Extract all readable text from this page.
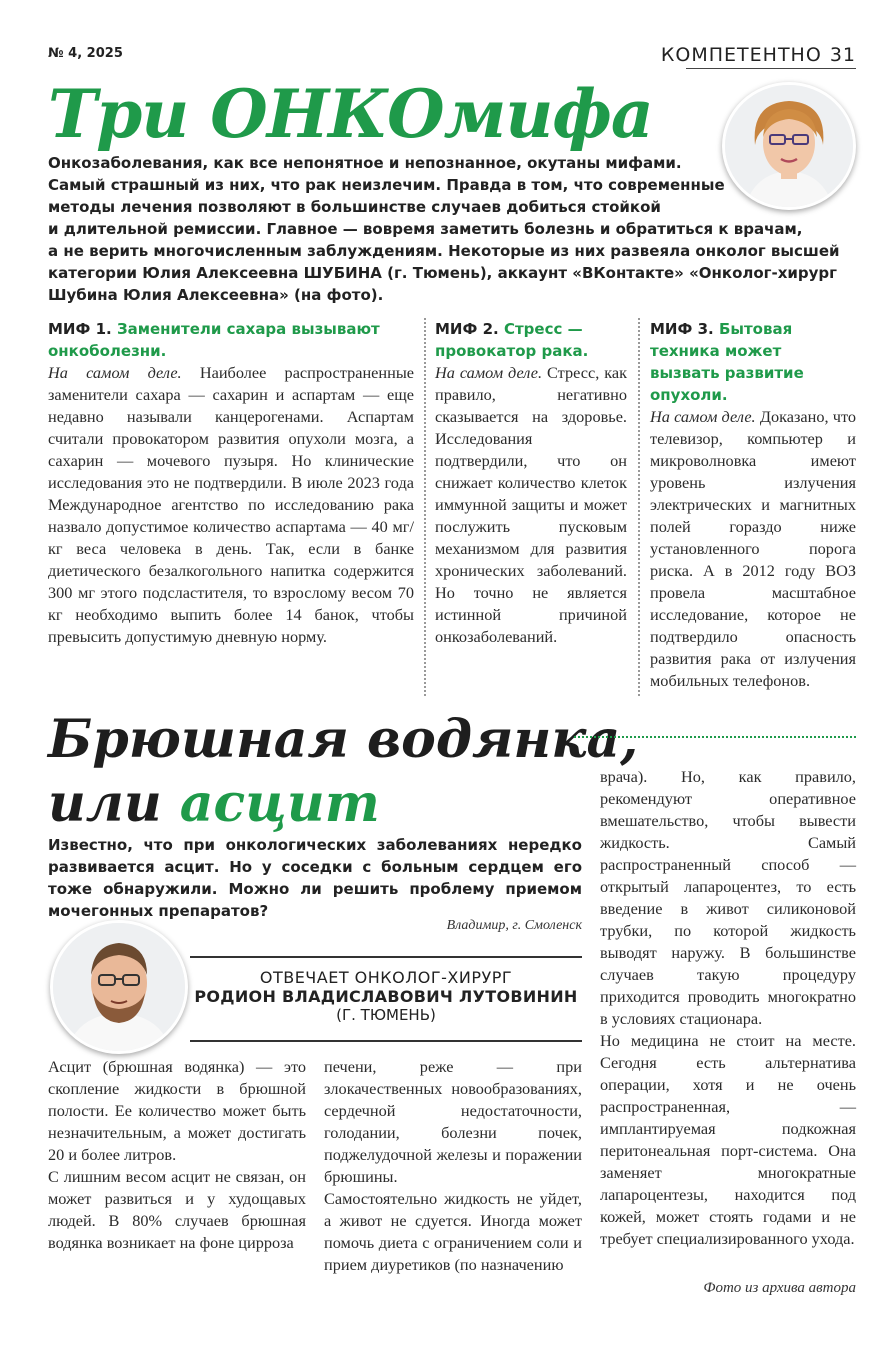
№ 4, 2025	КОМПЕТЕНТНО 31
Три ОНКОмифа
Онкозаболевания, как все непонятное и непознанное, окутаны мифами.
Самый страшный из них, что рак неизлечим. Правда в том, что современные
методы лечения позволяют в большинстве случаев добиться стойкой
и длительной ремиссии. Главное — вовремя заметить болезнь и обратиться к врачам,
а не верить многочисленным заблуждениям. Некоторые из них развеяла онколог высшей
категории Юлия Алексеевна ШУБИНА (г. Тюмень), аккаунт «ВКонтакте» «Онколог-хирург
Шубина Юлия Алексеевна» (на фото).
МИФ 1. Заменители сахара вызывают онкоболезни.

На самом деле. Наиболее распространенные заменители сахара — сахарин и аспартам — еще недавно называли канцерогенами. Аспартам считали провокатором развития опухоли мозга, а сахарин — мочевого пузыря. Но клинические исследования это не подтвердили. В июле 2023 года Международное агентство по исследованию рака назвало допустимое количество аспартама — 40 мг/кг веса человека в день. Так, если в банке диетического безалкогольного напитка содержится 300 мг этого подсластителя, то взрослому весом 70 кг необходимо выпить более 14 банок, чтобы превысить допустимую дневную норму.

МИФ 2. Стресс — провокатор рака.

На самом деле. Стресс, как правило, негативно сказывается на здоровье. Исследования подтвердили, что он снижает количество клеток иммунной защиты и может послужить пусковым механизмом для развития хронических заболеваний. Но точно не является истинной причиной онкозаболеваний.

МИФ 3. Бытовая техника может вызвать развитие опухоли.

На самом деле. Доказано, что телевизор, компьютер и микроволновка имеют уровень излучения электрических и магнитных полей гораздо ниже установленного порога риска. А в 2012 году ВОЗ провела масштабное исследование, которое не подтвердило опасность развития рака от излучения мобильных телефонов.

Брюшная водянка,
или асцит
Известно, что при онкологических заболеваниях нередко развивается асцит. Но у соседки с больным сердцем его тоже обнаружили. Можно ли решить проблему приемом мочегонных препаратов?
Владимир, г. Смоленск
ОТВЕЧАЕТ ОНКОЛОГ-ХИРУРГ
РОДИОН ВЛАДИСЛАВОВИЧ ЛУТОВИНИН
(Г. ТЮМЕНЬ)

Асцит (брюшная водянка) — это скопление жидкости в брюшной полости. Ее количество может быть незначительным, а может достигать 20 и более литров.

С лишним весом асцит не связан, он может развиться и у худощавых людей. В 80% случаев брюшная водянка возникает на фоне цирроза

печени, реже — при злокачественных новообразованиях, сердечной недостаточности, голодании, болезни почек, поджелудочной железы и поражении брюшины.

Самостоятельно жидкость не уйдет, а живот не сдуется. Иногда может помочь диета с ограничением соли и прием диуретиков (по назначению

врача). Но, как правило, рекомендуют оперативное вмешательство, чтобы вывести жидкость. Самый распространенный способ — открытый лапароцентез, то есть введение в живот силиконовой трубки, по которой жидкость выводят наружу. В большинстве случаев такую процедуру приходится проводить многократно в условиях стационара.

Но медицина не стоит на месте. Сегодня есть альтернатива операции, хотя и не очень распространенная, — имплантируемая подкожная перитонеальная порт-система. Она заменяет многократные лапароцентезы, находится под кожей, может стоять годами и не требует специализированного ухода.

Фото из архива автора
